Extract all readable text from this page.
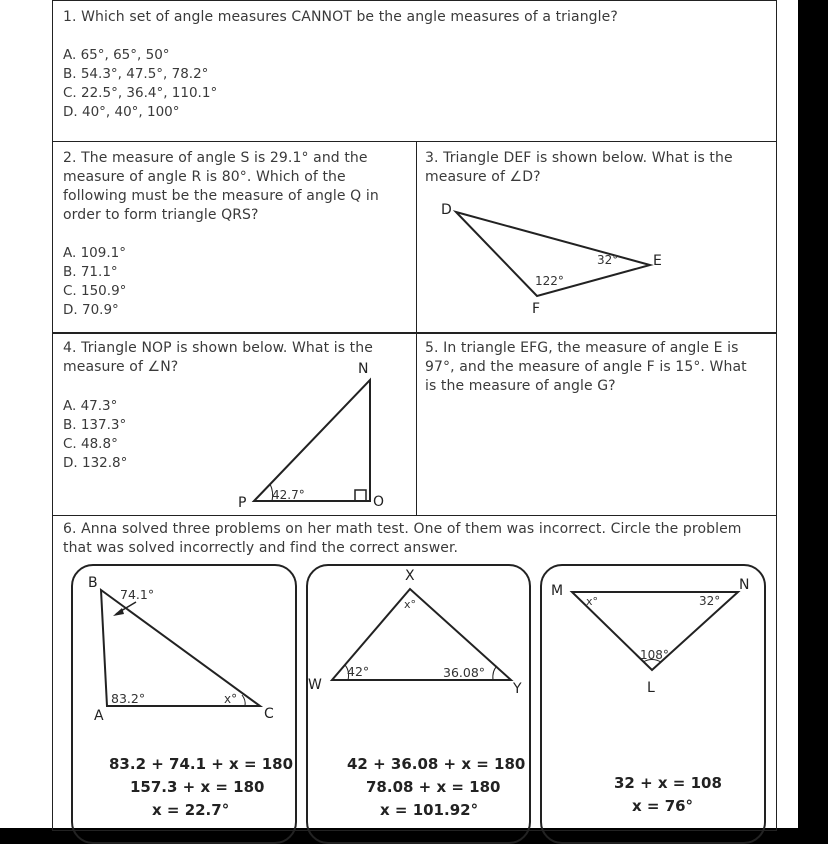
1. Which set of angle measures CANNOT be the angle measures of a triangle?
A. 65°, 65°, 50°
B. 54.3°, 47.5°, 78.2°
C. 22.5°, 36.4°, 110.1°
D. 40°, 40°, 100°
2. The measure of angle S is 29.1° and the
measure of angle R is 80°. Which of the
following must be the measure of angle Q in
order to form triangle QRS?
A. 109.1°
B. 71.1°
C. 150.9°
D. 70.9°
3. Triangle DEF is shown below. What is the
measure of ∠D?
4. Triangle NOP is shown below. What is the
measure of ∠N?
A. 47.3°
B. 137.3°
C. 48.8°
D. 132.8°
5. In triangle EFG, the measure of angle E is
97°, and the measure of angle F is 15°. What
is the measure of angle G?
6. Anna solved three problems on her math test. One of them was incorrect. Circle the problem
that was solved incorrectly and find the correct answer.
83.2 + 74.1 + x = 180
157.3 + x = 180
x = 22.7°
42 + 36.08 + x = 180
78.08 + x = 180
x = 101.92°
32 + x = 108
x = 76°
D
E
F
32°
122°
N
O
P 42.7°
B
A	C
74.1°
83.2°	x°
X
W	Y
x°
42°	36.08°
M	N
L
x°	32°
108°
